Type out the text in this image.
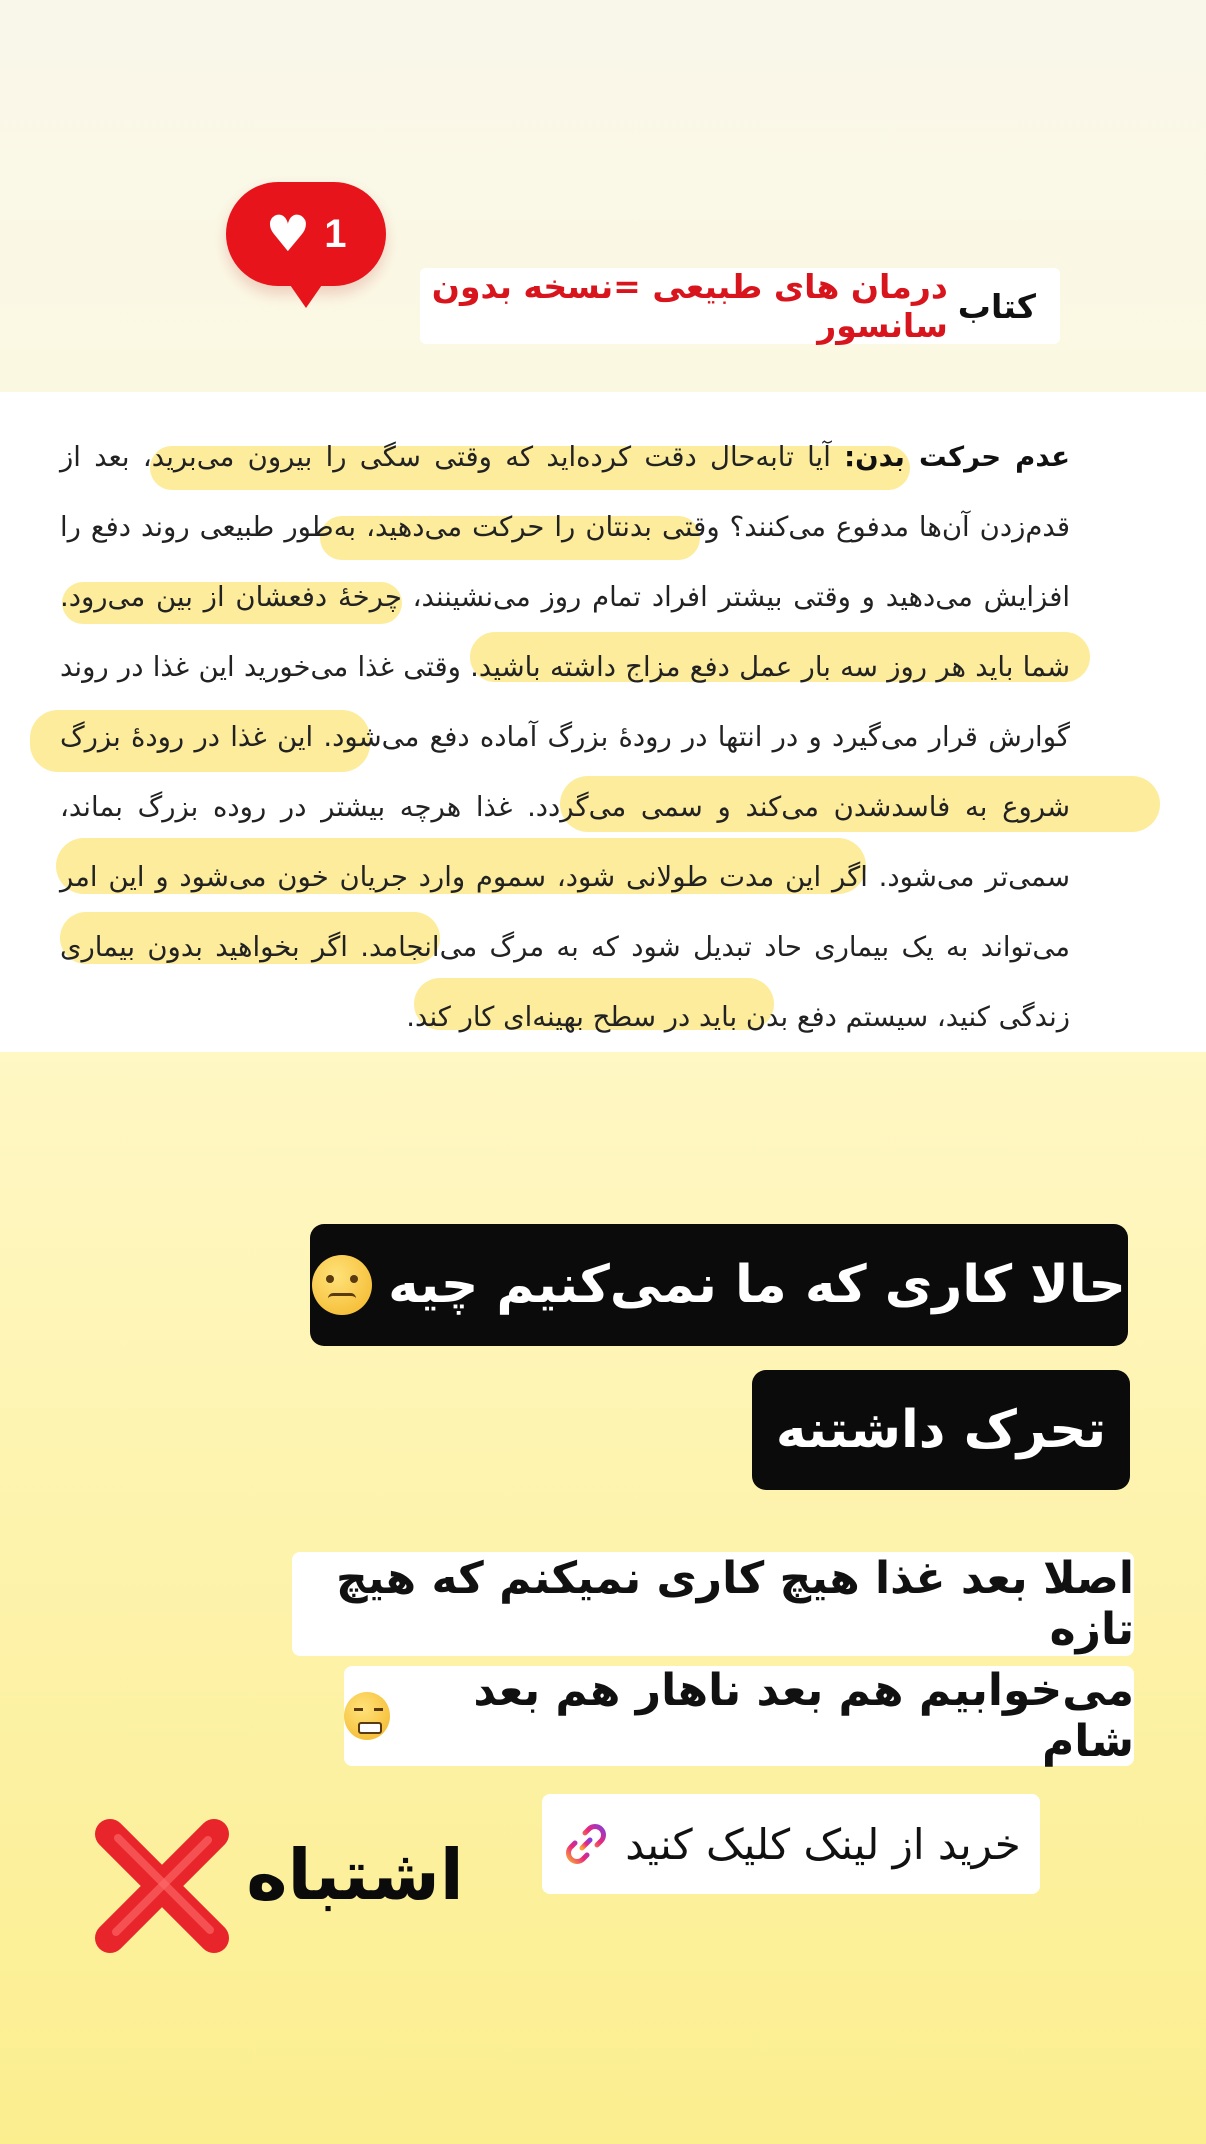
♥ 1
کتاب
درمان های طبیعی =نسخه بدون سانسور
عدم حرکت بدن: آیا تابه‌حال دقت کرده‌اید که وقتی سگی را بیرون می‌برید، بعد از قدم‌زدن آن‌ها مدفوع می‌کنند؟ وقتی بدنتان را حرکت می‌دهید، به‌طور طبیعی روند دفع را افزایش می‌دهید و وقتی بیشتر افراد تمام روز می‌نشینند، چرخهٔ دفعشان از بین می‌رود. شما باید هر روز سه بار عمل دفع مزاج داشته باشید. وقتی غذا می‌خورید این غذا در روند گوارش قرار می‌گیرد و در انتها در رودهٔ بزرگ آماده دفع می‌شود. این غذا در رودهٔ بزرگ شروع به فاسدشدن می‌کند و سمی می‌گردد. غذا هرچه بیشتر در روده بزرگ بماند، سمی‌تر می‌شود. اگر این مدت طولانی شود، سموم وارد جریان خون می‌شود و این امر می‌تواند به یک بیماری حاد تبدیل شود که به مرگ می‌انجامد. اگر بخواهید بدون بیماری زندگی کنید، سیستم دفع بدن باید در سطح بهینه‌ای کار کند.
حالا کاری که ما نمی‌کنیم چیه
تحرک داشتنه
اصلا بعد غذا هیچ کاری نمیکنم که هیچ تازه
می‌خوابیم هم بعد ناهار هم بعد شام
خرید از لینک کلیک کنید
اشتباه
